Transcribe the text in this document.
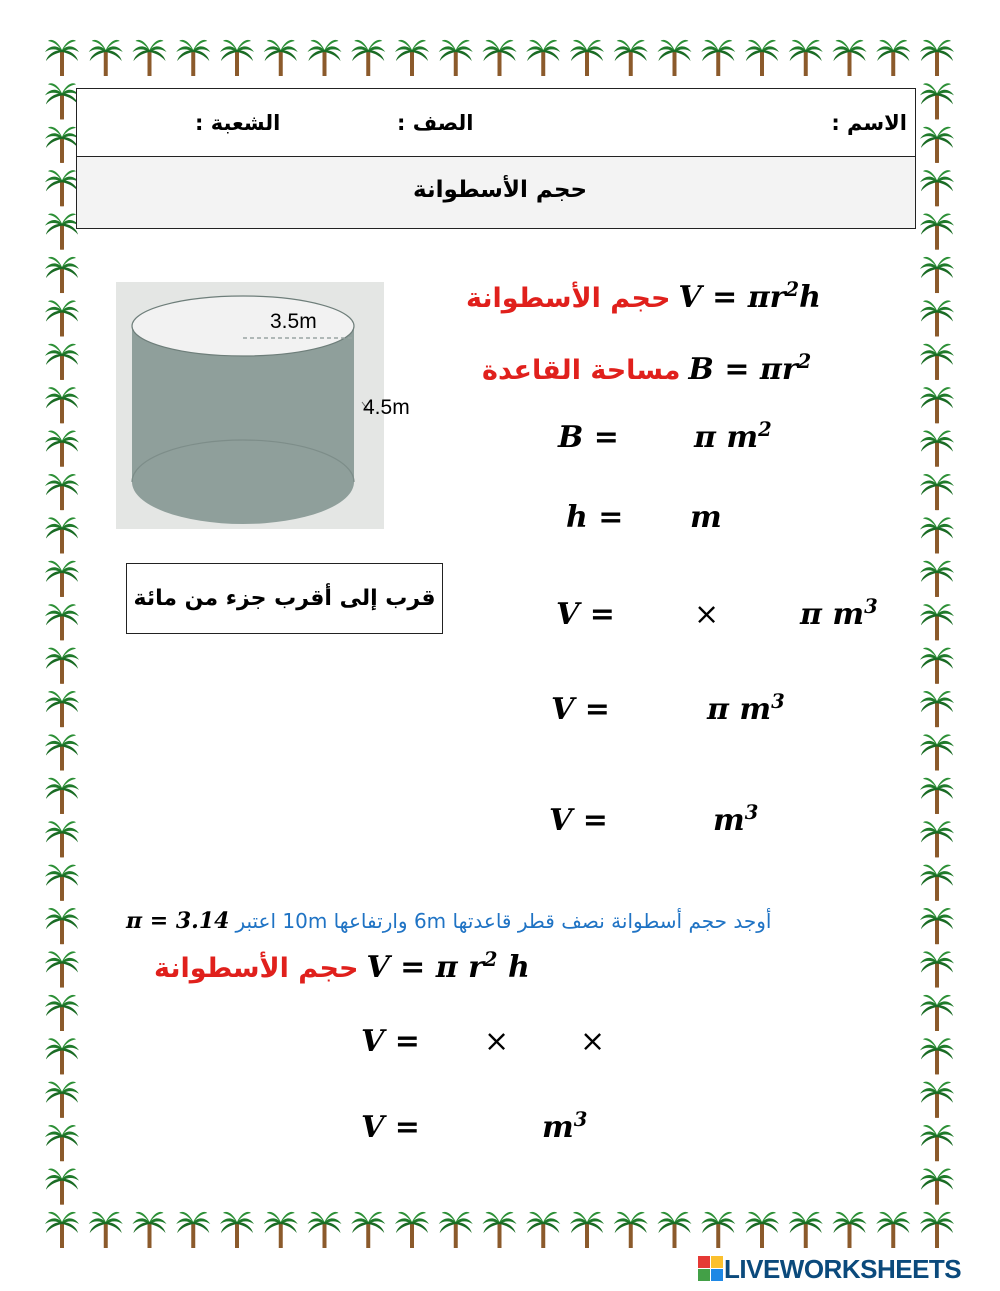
الاسم :
الصف :
الشعبة :
حجم الأسطوانة
3.5m
4.5m
قرب إلى أقرب جزء من مائة
حجم الأسطوانة $V = \pi r^2h$
مساحة القاعدة $B = \pi r^2$
B =	π $m^2$
h = m
V =	×	π $m^3$
V =	π $m^3$
V =	$m^3$
π = 3.14 أوجد حجم أسطوانة نصف قطر قاعدتها 6m وارتفاعها 10m اعتبر
حجم الأسطوانة V = π $r^2$ h
V = × ×
V =	$m^3$
LIVEWORKSHEETS
